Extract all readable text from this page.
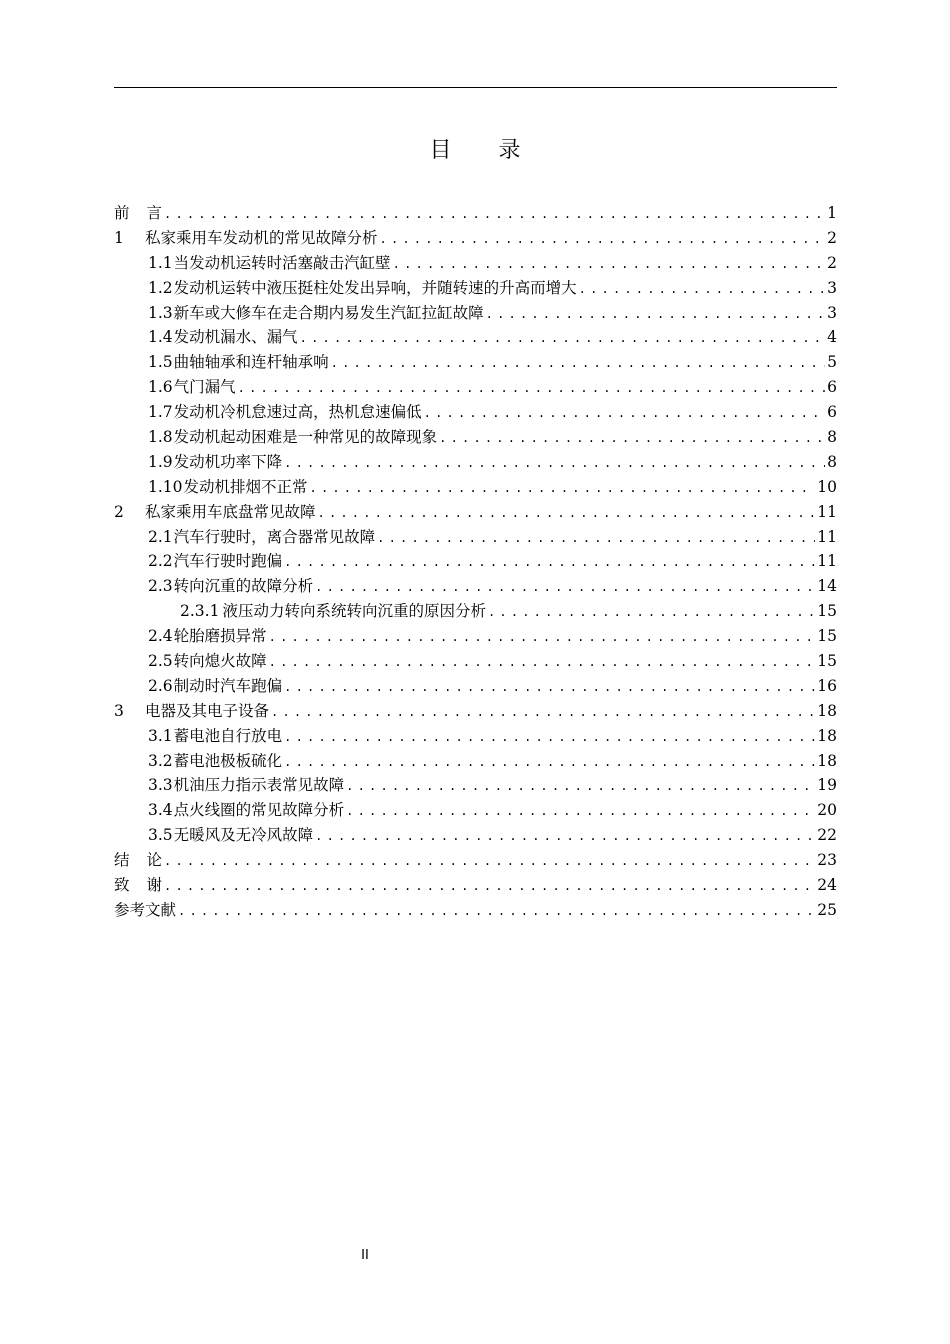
目 录
前言 .....	1
1	私家乘用车发动机的常见故障分析 .....	2
1.1 当发动机运转时活塞敲击汽缸壁 .....	2
1.2 发动机运转中液压挺柱处发出异响，并随转速的升高而增大 .....	3
1.3 新车或大修车在走合期内易发生汽缸拉缸故障 .....	3
1.4 发动机漏水、漏气 .....	4
1.5 曲轴轴承和连杆轴承响 .....	5
1.6 气门漏气 .....	6
1.7 发动机冷机怠速过高，热机怠速偏低 .....	6
1.8 发动机起动困难是一种常见的故障现象 .....	8
1.9 发动机功率下降 .....	8
1.10 发动机排烟不正常 .....	10
2	私家乘用车底盘常见故障 .....	11
2.1 汽车行驶时，离合器常见故障 .....	11
2.2 汽车行驶时跑偏 .....	11
2.3 转向沉重的故障分析 .....	14
2.3.1 液压动力转向系统转向沉重的原因分析 .....	15
2.4 轮胎磨损异常 .....	15
2.5 转向熄火故障 .....	15
2.6 制动时汽车跑偏 .....	16
3	电器及其电子设备 .....	18
3.1 蓄电池自行放电 .....	18
3.2 蓄电池极板硫化 .....	18
3.3 机油压力指示表常见故障 .....	19
3.4 点火线圈的常见故障分析 .....	20
3.5 无暖风及无冷风故障 .....	22
结论 .....	23
致谢 .....	24
参考文献 .....	25
II
